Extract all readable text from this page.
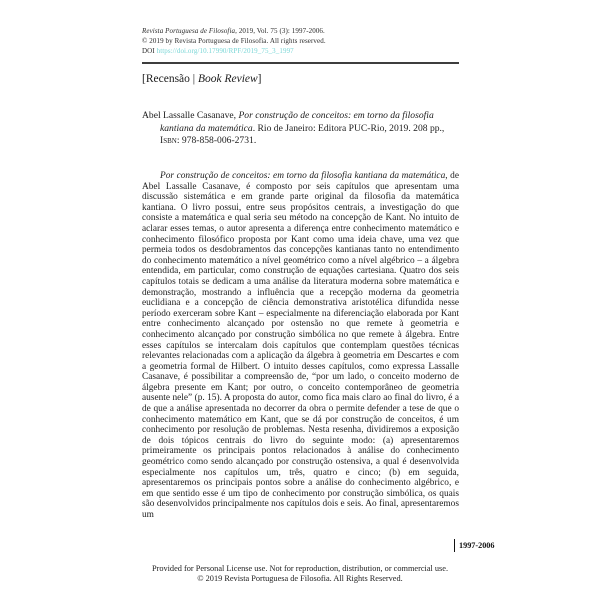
Revista Portuguesa de Filosofia, 2019, Vol. 75 (3): 1997-2006.
© 2019 by Revista Portuguesa de Filosofia. All rights reserved.
DOI https://doi.org/10.17990/RPF/2019_75_3_1997
[Recensão | Book Review]
Abel Lassalle Casanave, Por construção de conceitos: em torno da filosofia kantiana da matemática. Rio de Janeiro: Editora PUC-Rio, 2019. 208 pp., Isbn: 978-858-006-2731.
Por construção de conceitos: em torno da filosofia kantiana da matemática, de Abel Lassalle Casanave, é composto por seis capítulos que apresentam uma discussão sistemática e em grande parte original da filosofia da matemática kantiana. O livro possui, entre seus propósitos centrais, a investigação do que consiste a matemática e qual seria seu método na concepção de Kant. No intuito de aclarar esses temas, o autor apresenta a diferença entre conhecimento matemático e conhecimento filosófico proposta por Kant como uma ideia chave, uma vez que permeia todos os desdobramentos das concepções kantianas tanto no entendimento do conhecimento matemático a nível geométrico como a nível algébrico – a álgebra entendida, em particular, como construção de equações cartesiana. Quatro dos seis capítulos totais se dedicam a uma análise da literatura moderna sobre matemática e demonstração, mostrando a influência que a recepção moderna da geometria euclidiana e a concepção de ciência demonstrativa aristotélica difundida nesse período exerceram sobre Kant – especialmente na diferenciação elaborada por Kant entre conhecimento alcançado por ostensão no que remete à geometria e conhecimento alcançado por construção simbólica no que remete à álgebra. Entre esses capítulos se intercalam dois capítulos que contemplam questões técnicas relevantes relacionadas com a aplicação da álgebra à geometria em Descartes e com a geometria formal de Hilbert. O intuito desses capítulos, como expressa Lassalle Casanave, é possibilitar a compreensão de, “por um lado, o conceito moderno de álgebra presente em Kant; por outro, o conceito contemporâneo de geometria ausente nele” (p. 15). A proposta do autor, como fica mais claro ao final do livro, é a de que a análise apresentada no decorrer da obra o permite defender a tese de que o conhecimento matemático em Kant, que se dá por construção de conceitos, é um conhecimento por resolução de problemas. Nesta resenha, dividiremos a exposição de dois tópicos centrais do livro do seguinte modo: (a) apresentaremos primeiramente os principais pontos relacionados à análise do conhecimento geométrico como sendo alcançado por construção ostensiva, a qual é desenvolvida especialmente nos capítulos um, três, quatro e cinco; (b) em seguida, apresentaremos os principais pontos sobre a análise do conhecimento algébrico, e em que sentido esse é um tipo de conhecimento por construção simbólica, os quais são desenvolvidos principalmente nos capítulos dois e seis. Ao final, apresentaremos um
1997-2006
Provided for Personal License use. Not for reproduction, distribution, or commercial use.
© 2019 Revista Portuguesa de Filosofia. All Rights Reserved.
